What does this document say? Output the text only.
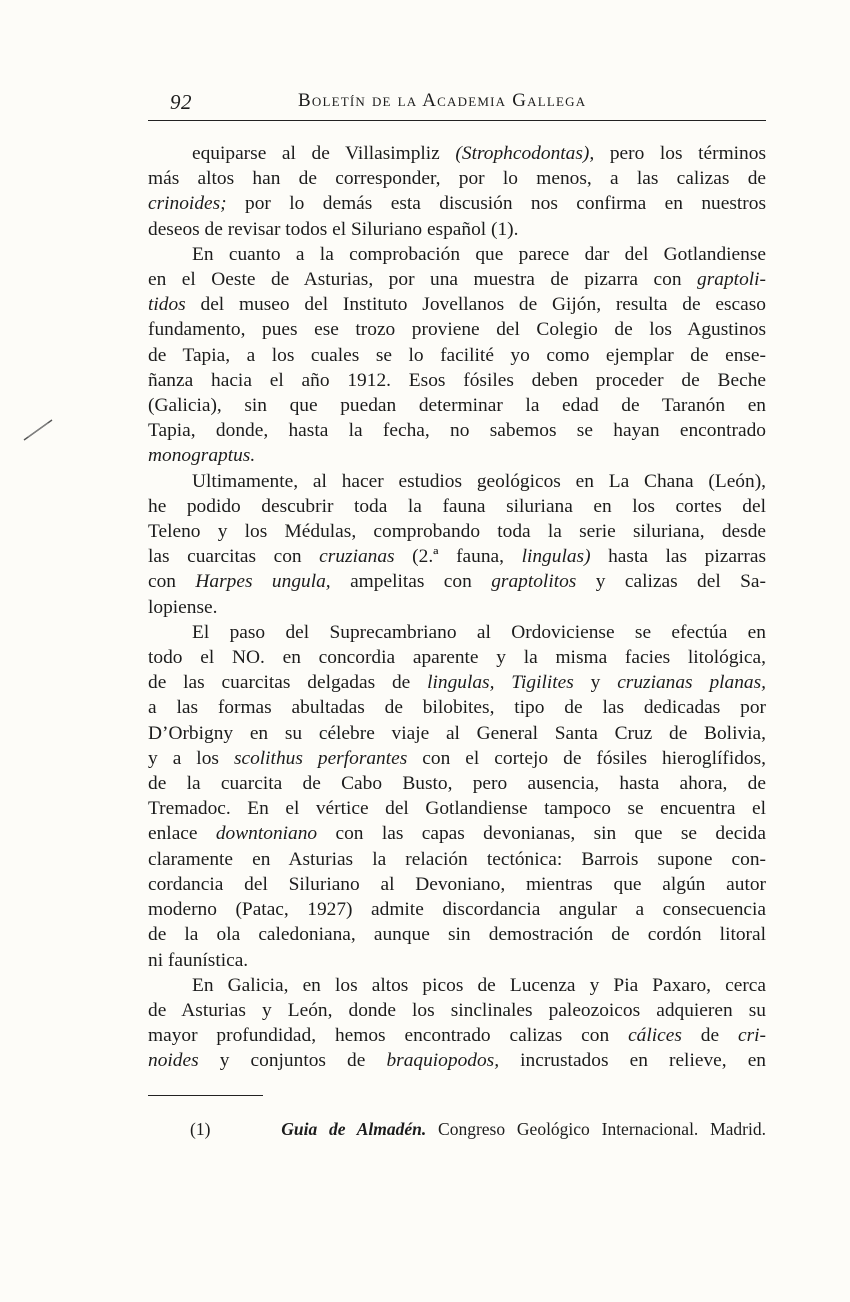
92	Boletín de la Academia Gallega

equiparse al de Villasimpliz (Strophcodontas), pero los términos
más altos han de corresponder, por lo menos, a las calizas de
crinoides; por lo demás esta discusión nos confirma en nuestros
deseos de revisar todos el Siluriano español (1).

En cuanto a la comprobación que parece dar del Gotlandiense
en el Oeste de Asturias, por una muestra de pizarra con graptoli-
tidos del museo del Instituto Jovellanos de Gijón, resulta de escaso
fundamento, pues ese trozo proviene del Colegio de los Agustinos
de Tapia, a los cuales se lo facilité yo como ejemplar de ense-
ñanza hacia el año 1912. Esos fósiles deben proceder de Beche
(Galicia), sin que puedan determinar la edad de Taranón en
Tapia, donde, hasta la fecha, no sabemos se hayan encontrado
monograptus.

Ultimamente, al hacer estudios geológicos en La Chana (León),
he podido descubrir toda la fauna siluriana en los cortes del
Teleno y los Médulas, comprobando toda la serie siluriana, desde
las cuarcitas con cruzianas (2.ª fauna, lingulas) hasta las pizarras
con Harpes ungula, ampelitas con graptolitos y calizas del Sa-
lopiense.

El paso del Suprecambriano al Ordoviciense se efectúa en
todo el NO. en concordia aparente y la misma facies litológica,
de las cuarcitas delgadas de lingulas, Tigilites y cruzianas planas,
a las formas abultadas de bilobites, tipo de las dedicadas por
D’Orbigny en su célebre viaje al General Santa Cruz de Bolivia,
y a los scolithus perforantes con el cortejo de fósiles hieroglífidos,
de la cuarcita de Cabo Busto, pero ausencia, hasta ahora, de
Tremadoc. En el vértice del Gotlandiense tampoco se encuentra el
enlace downtoniano con las capas devonianas, sin que se decida
claramente en Asturias la relación tectónica: Barrois supone con-
cordancia del Siluriano al Devoniano, mientras que algún autor
moderno (Patac, 1927) admite discordancia angular a consecuencia
de la ola caledoniana, aunque sin demostración de cordón litoral
ni faunística.

En Galicia, en los altos picos de Lucenza y Pia Paxaro, cerca
de Asturias y León, donde los sinclinales paleozoicos adquieren su
mayor profundidad, hemos encontrado calizas con cálices de cri-
noides y conjuntos de braquiopodos, incrustados en relieve, en

(1)	Guia de Almadén. Congreso Geológico Internacional. Madrid.
